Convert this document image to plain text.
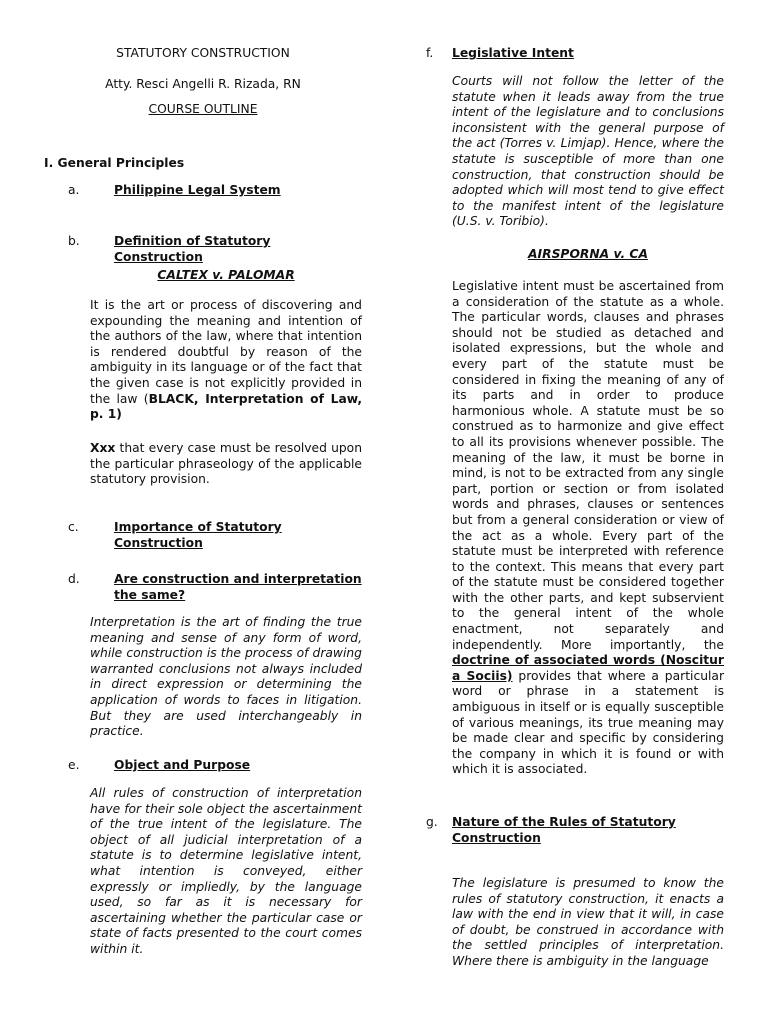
STATUTORY CONSTRUCTION
Atty. Resci Angelli R. Rizada, RN
COURSE OUTLINE
I. General Principles
a.	Philippine Legal System
b.	Definition of Statutory Construction
CALTEX v. PALOMAR

It is the art or process of discovering and expounding the meaning and intention of the authors of the law, where that intention is rendered doubtful by reason of the ambiguity in its language or of the fact that the given case is not explicitly provided in the law (BLACK, Interpretation of Law, p. 1)

Xxx that every case must be resolved upon the particular phraseology of the applicable statutory provision.

c.	Importance of Statutory Construction
d.	Are construction and interpretation the same?

Interpretation is the art of finding the true meaning and sense of any form of word, while construction is the process of drawing warranted conclusions not always included in direct expression or determining the application of words to faces in litigation. But they are used interchangeably in practice.

e.	Object and Purpose

All rules of construction of interpretation have for their sole object the ascertainment of the true intent of the legislature. The object of all judicial interpretation of a statute is to determine legislative intent, what intention is conveyed, either expressly or impliedly, by the language used, so far as it is necessary for ascertaining whether the particular case or state of facts presented to the court comes within it.

f.	Legislative Intent

Courts will not follow the letter of the statute when it leads away from the true intent of the legislature and to conclusions inconsistent with the general purpose of the act (Torres v. Limjap). Hence, where the statute is susceptible of more than one construction, that construction should be adopted which will most tend to give effect to the manifest intent of the legislature (U.S. v. Toribio).

AIRSPORNA v. CA

Legislative intent must be ascertained from a consideration of the statute as a whole. The particular words, clauses and phrases should not be studied as detached and isolated expressions, but the whole and every part of the statute must be considered in fixing the meaning of any of its parts and in order to produce harmonious whole. A statute must be so construed as to harmonize and give effect to all its provisions whenever possible. The meaning of the law, it must be borne in mind, is not to be extracted from any single part, portion or section or from isolated words and phrases, clauses or sentences but from a general consideration or view of the act as a whole. Every part of the statute must be interpreted with reference to the context. This means that every part of the statute must be considered together with the other parts, and kept subservient to the general intent of the whole enactment, not separately and independently. More importantly, the doctrine of associated words (Noscitur a Sociis) provides that where a particular word or phrase in a statement is ambiguous in itself or is equally susceptible of various meanings, its true meaning may be made clear and specific by considering the company in which it is found or with which it is associated.

g.	Nature of the Rules of Statutory Construction

The legislature is presumed to know the rules of statutory construction, it enacts a law with the end in view that it will, in case of doubt, be construed in accordance with the settled principles of interpretation. Where there is ambiguity in the language
